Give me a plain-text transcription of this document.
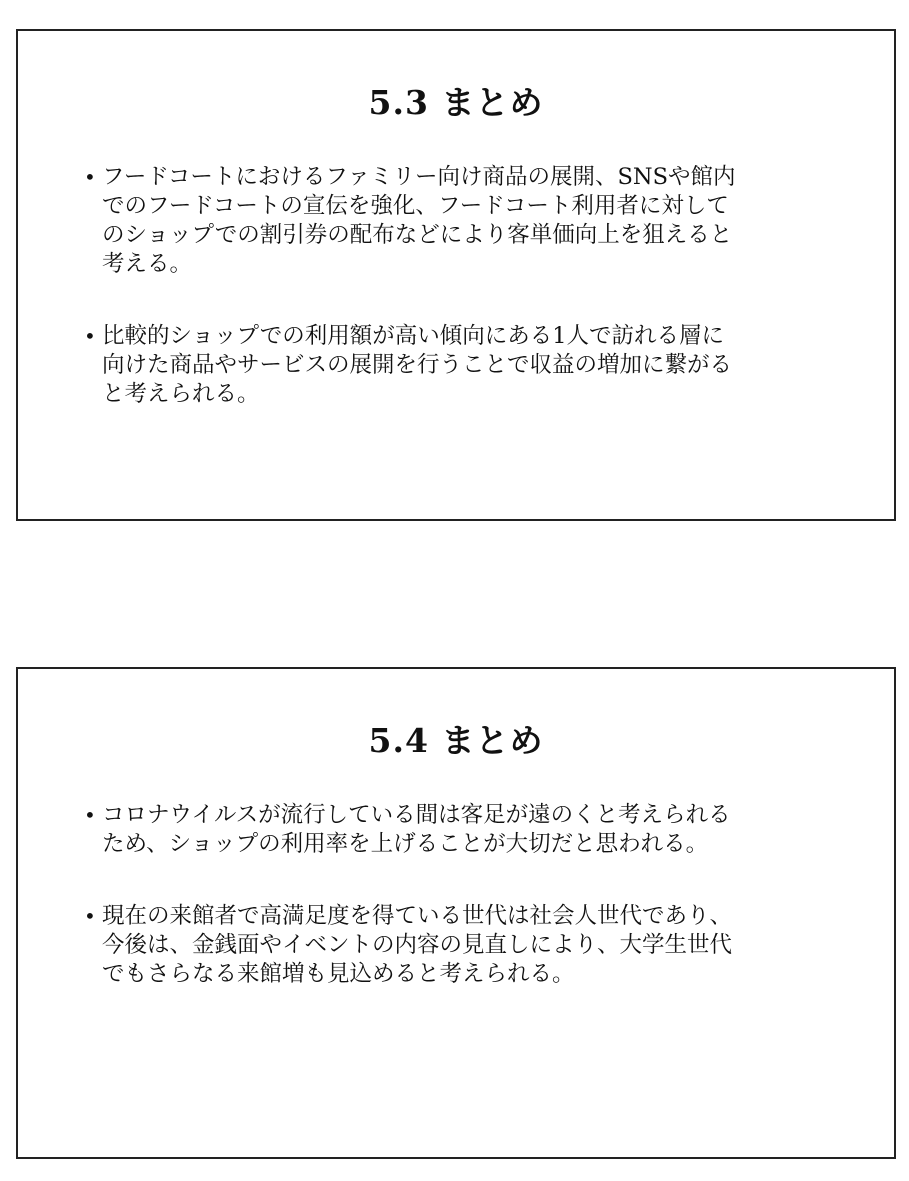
5.3 まとめ
• フードコートにおけるファミリー向け商品の展開、SNSや館内
でのフードコートの宣伝を強化、フードコート利用者に対して
のショップでの割引券の配布などにより客単価向上を狙えると
考える。
• 比較的ショップでの利用額が高い傾向にある1人で訪れる層に
向けた商品やサービスの展開を行うことで収益の増加に繋がる
と考えられる。
5.4 まとめ
• コロナウイルスが流行している間は客足が遠のくと考えられる
ため、ショップの利用率を上げることが大切だと思われる。
• 現在の来館者で高満足度を得ている世代は社会人世代であり、
今後は、金銭面やイベントの内容の見直しにより、大学生世代
でもさらなる来館増も見込めると考えられる。
